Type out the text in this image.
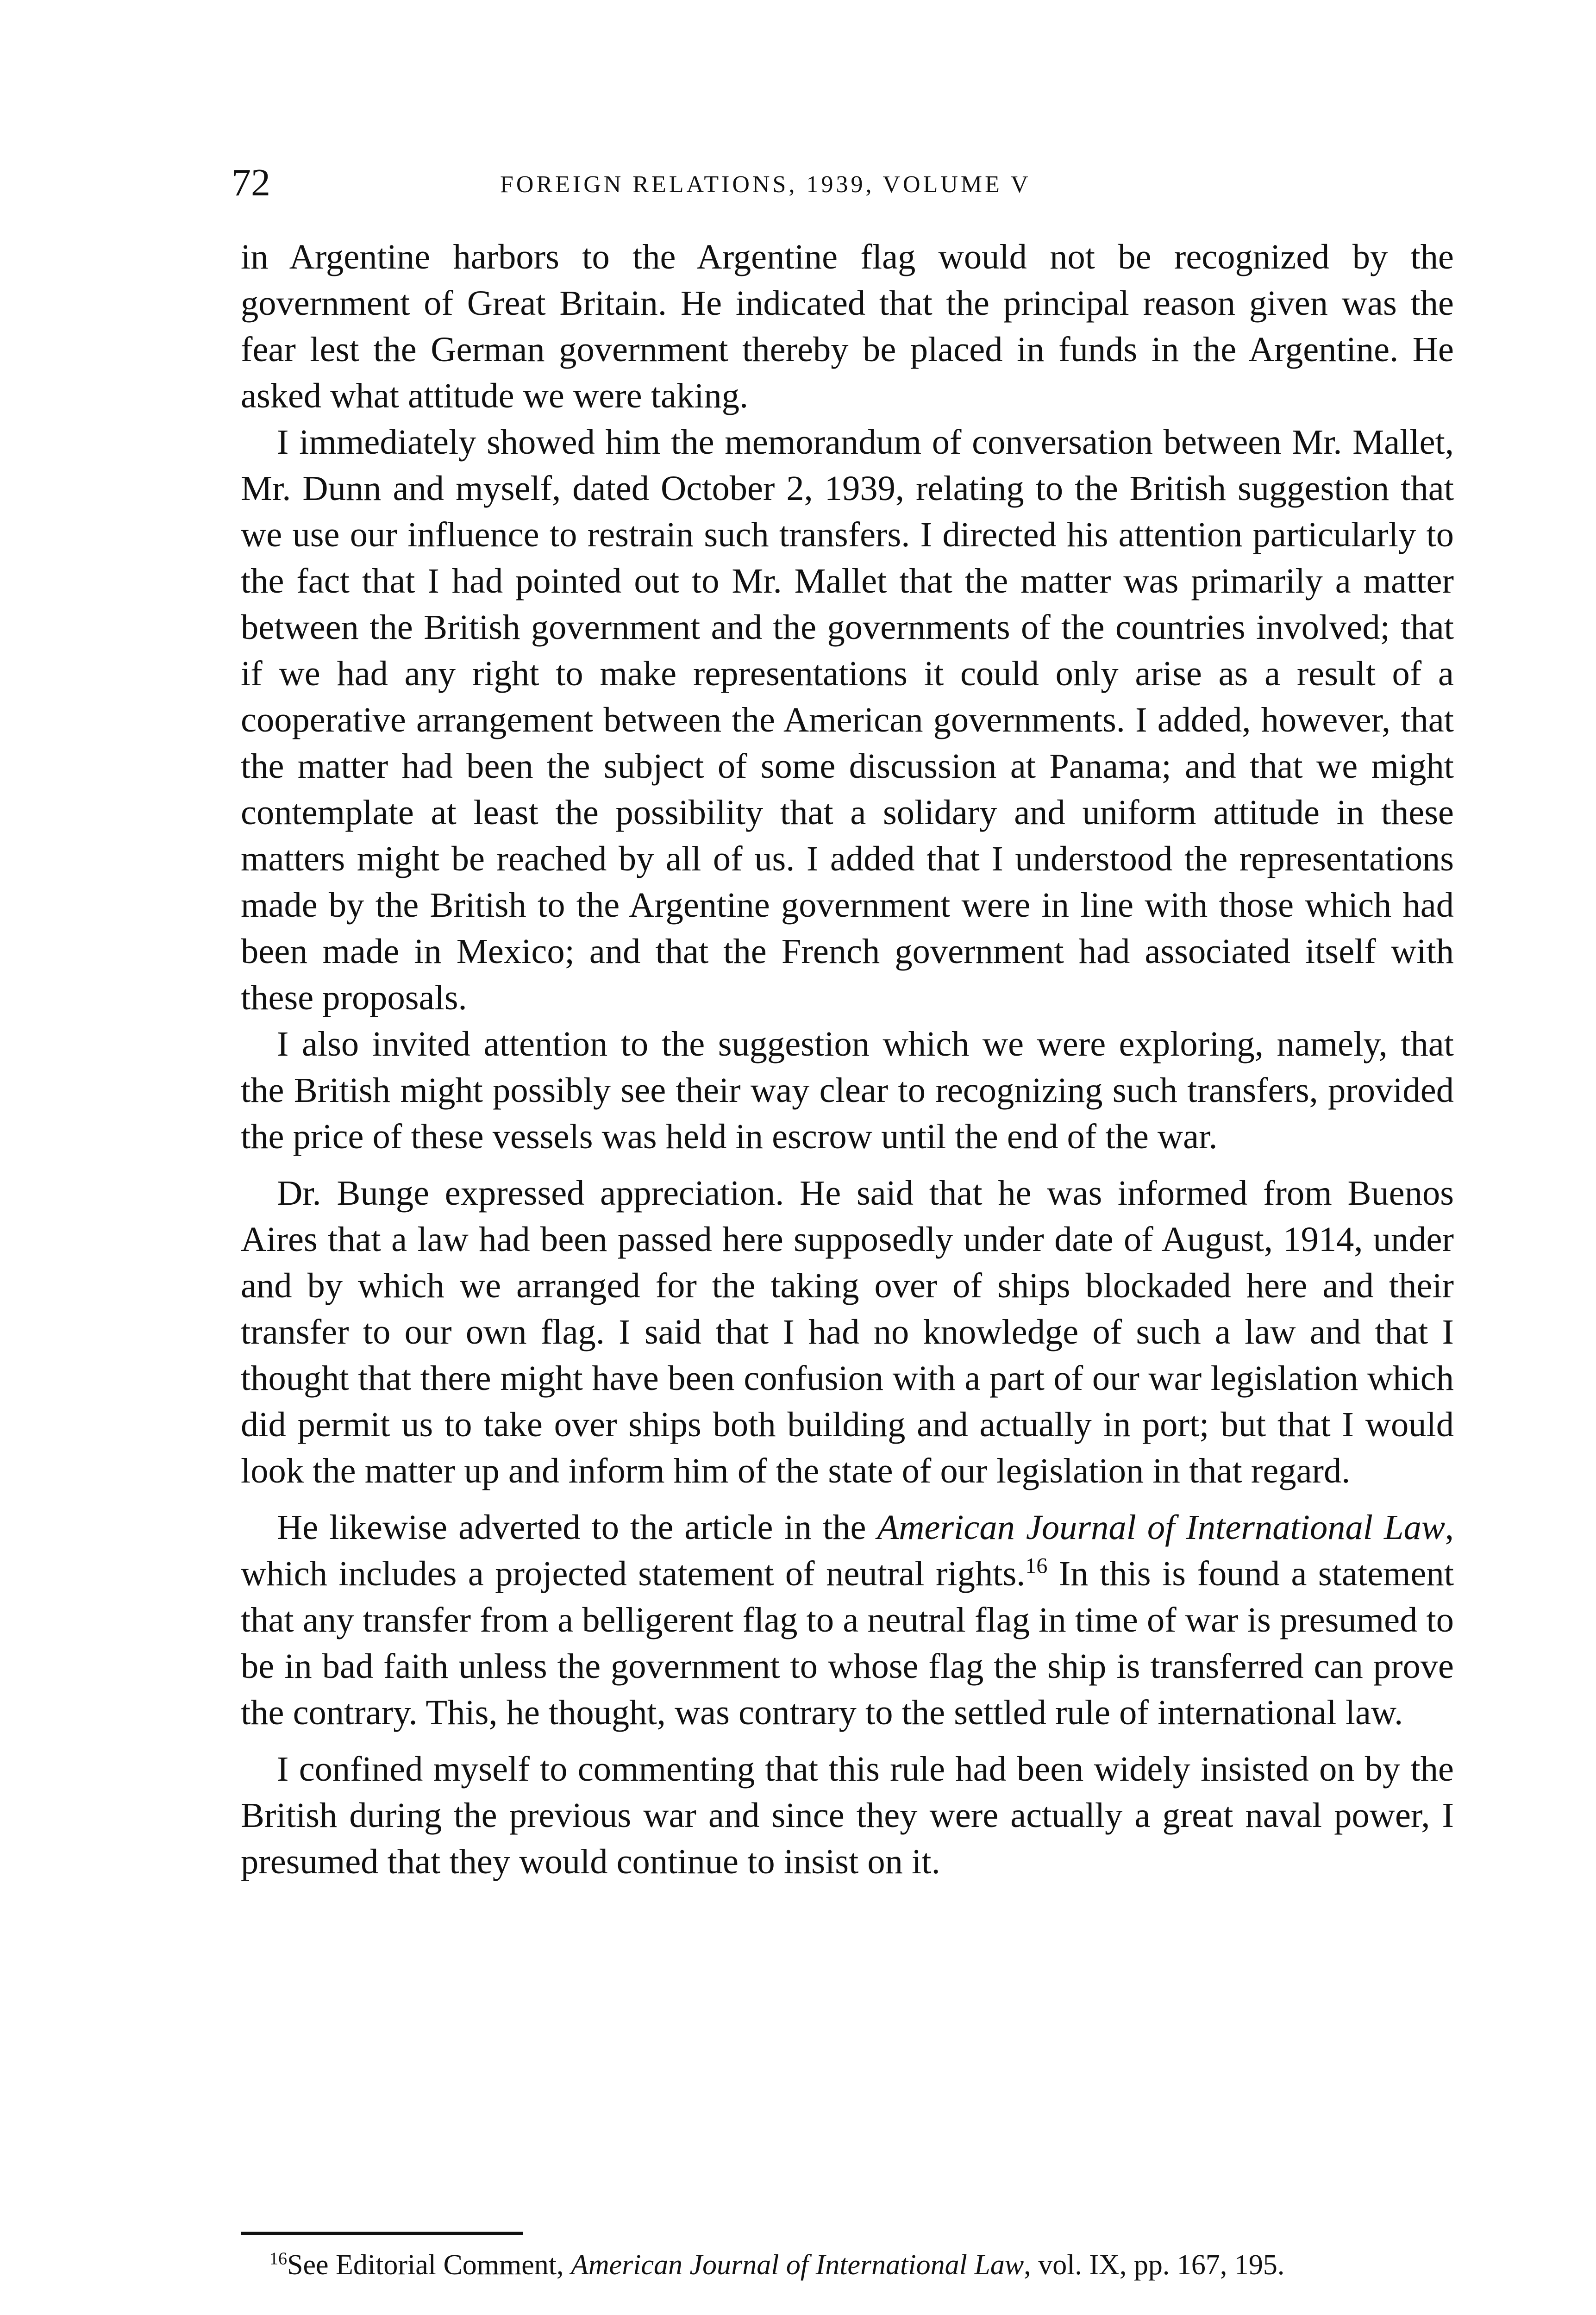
72	FOREIGN RELATIONS, 1939, VOLUME V

in Argentine harbors to the Argentine flag would not be recognized by the government of Great Britain. He indicated that the principal reason given was the fear lest the German government thereby be placed in funds in the Argentine. He asked what attitude we were taking.

I immediately showed him the memorandum of conversation between Mr. Mallet, Mr. Dunn and myself, dated October 2, 1939, relating to the British suggestion that we use our influence to restrain such transfers. I directed his attention particularly to the fact that I had pointed out to Mr. Mallet that the matter was primarily a matter between the British government and the governments of the countries involved; that if we had any right to make representations it could only arise as a result of a cooperative arrangement between the American governments. I added, however, that the matter had been the subject of some discussion at Panama; and that we might contemplate at least the possibility that a solidary and uniform attitude in these matters might be reached by all of us. I added that I understood the representations made by the British to the Argentine government were in line with those which had been made in Mexico; and that the French government had associated itself with these proposals.

I also invited attention to the suggestion which we were exploring, namely, that the British might possibly see their way clear to recognizing such transfers, provided the price of these vessels was held in escrow until the end of the war.

Dr. Bunge expressed appreciation. He said that he was informed from Buenos Aires that a law had been passed here supposedly under date of August, 1914, under and by which we arranged for the taking over of ships blockaded here and their transfer to our own flag. I said that I had no knowledge of such a law and that I thought that there might have been confusion with a part of our war legislation which did permit us to take over ships both building and actually in port; but that I would look the matter up and inform him of the state of our legislation in that regard.

He likewise adverted to the article in the American Journal of International Law, which includes a projected statement of neutral rights.$^{16}$ In this is found a statement that any transfer from a belligerent flag to a neutral flag in time of war is presumed to be in bad faith unless the government to whose flag the ship is transferred can prove the contrary. This, he thought, was contrary to the settled rule of international law.

I confined myself to commenting that this rule had been widely insisted on by the British during the previous war and since they were actually a great naval power, I presumed that they would continue to insist on it.

$^{16}$See Editorial Comment, American Journal of International Law, vol. IX, pp. 167, 195.
